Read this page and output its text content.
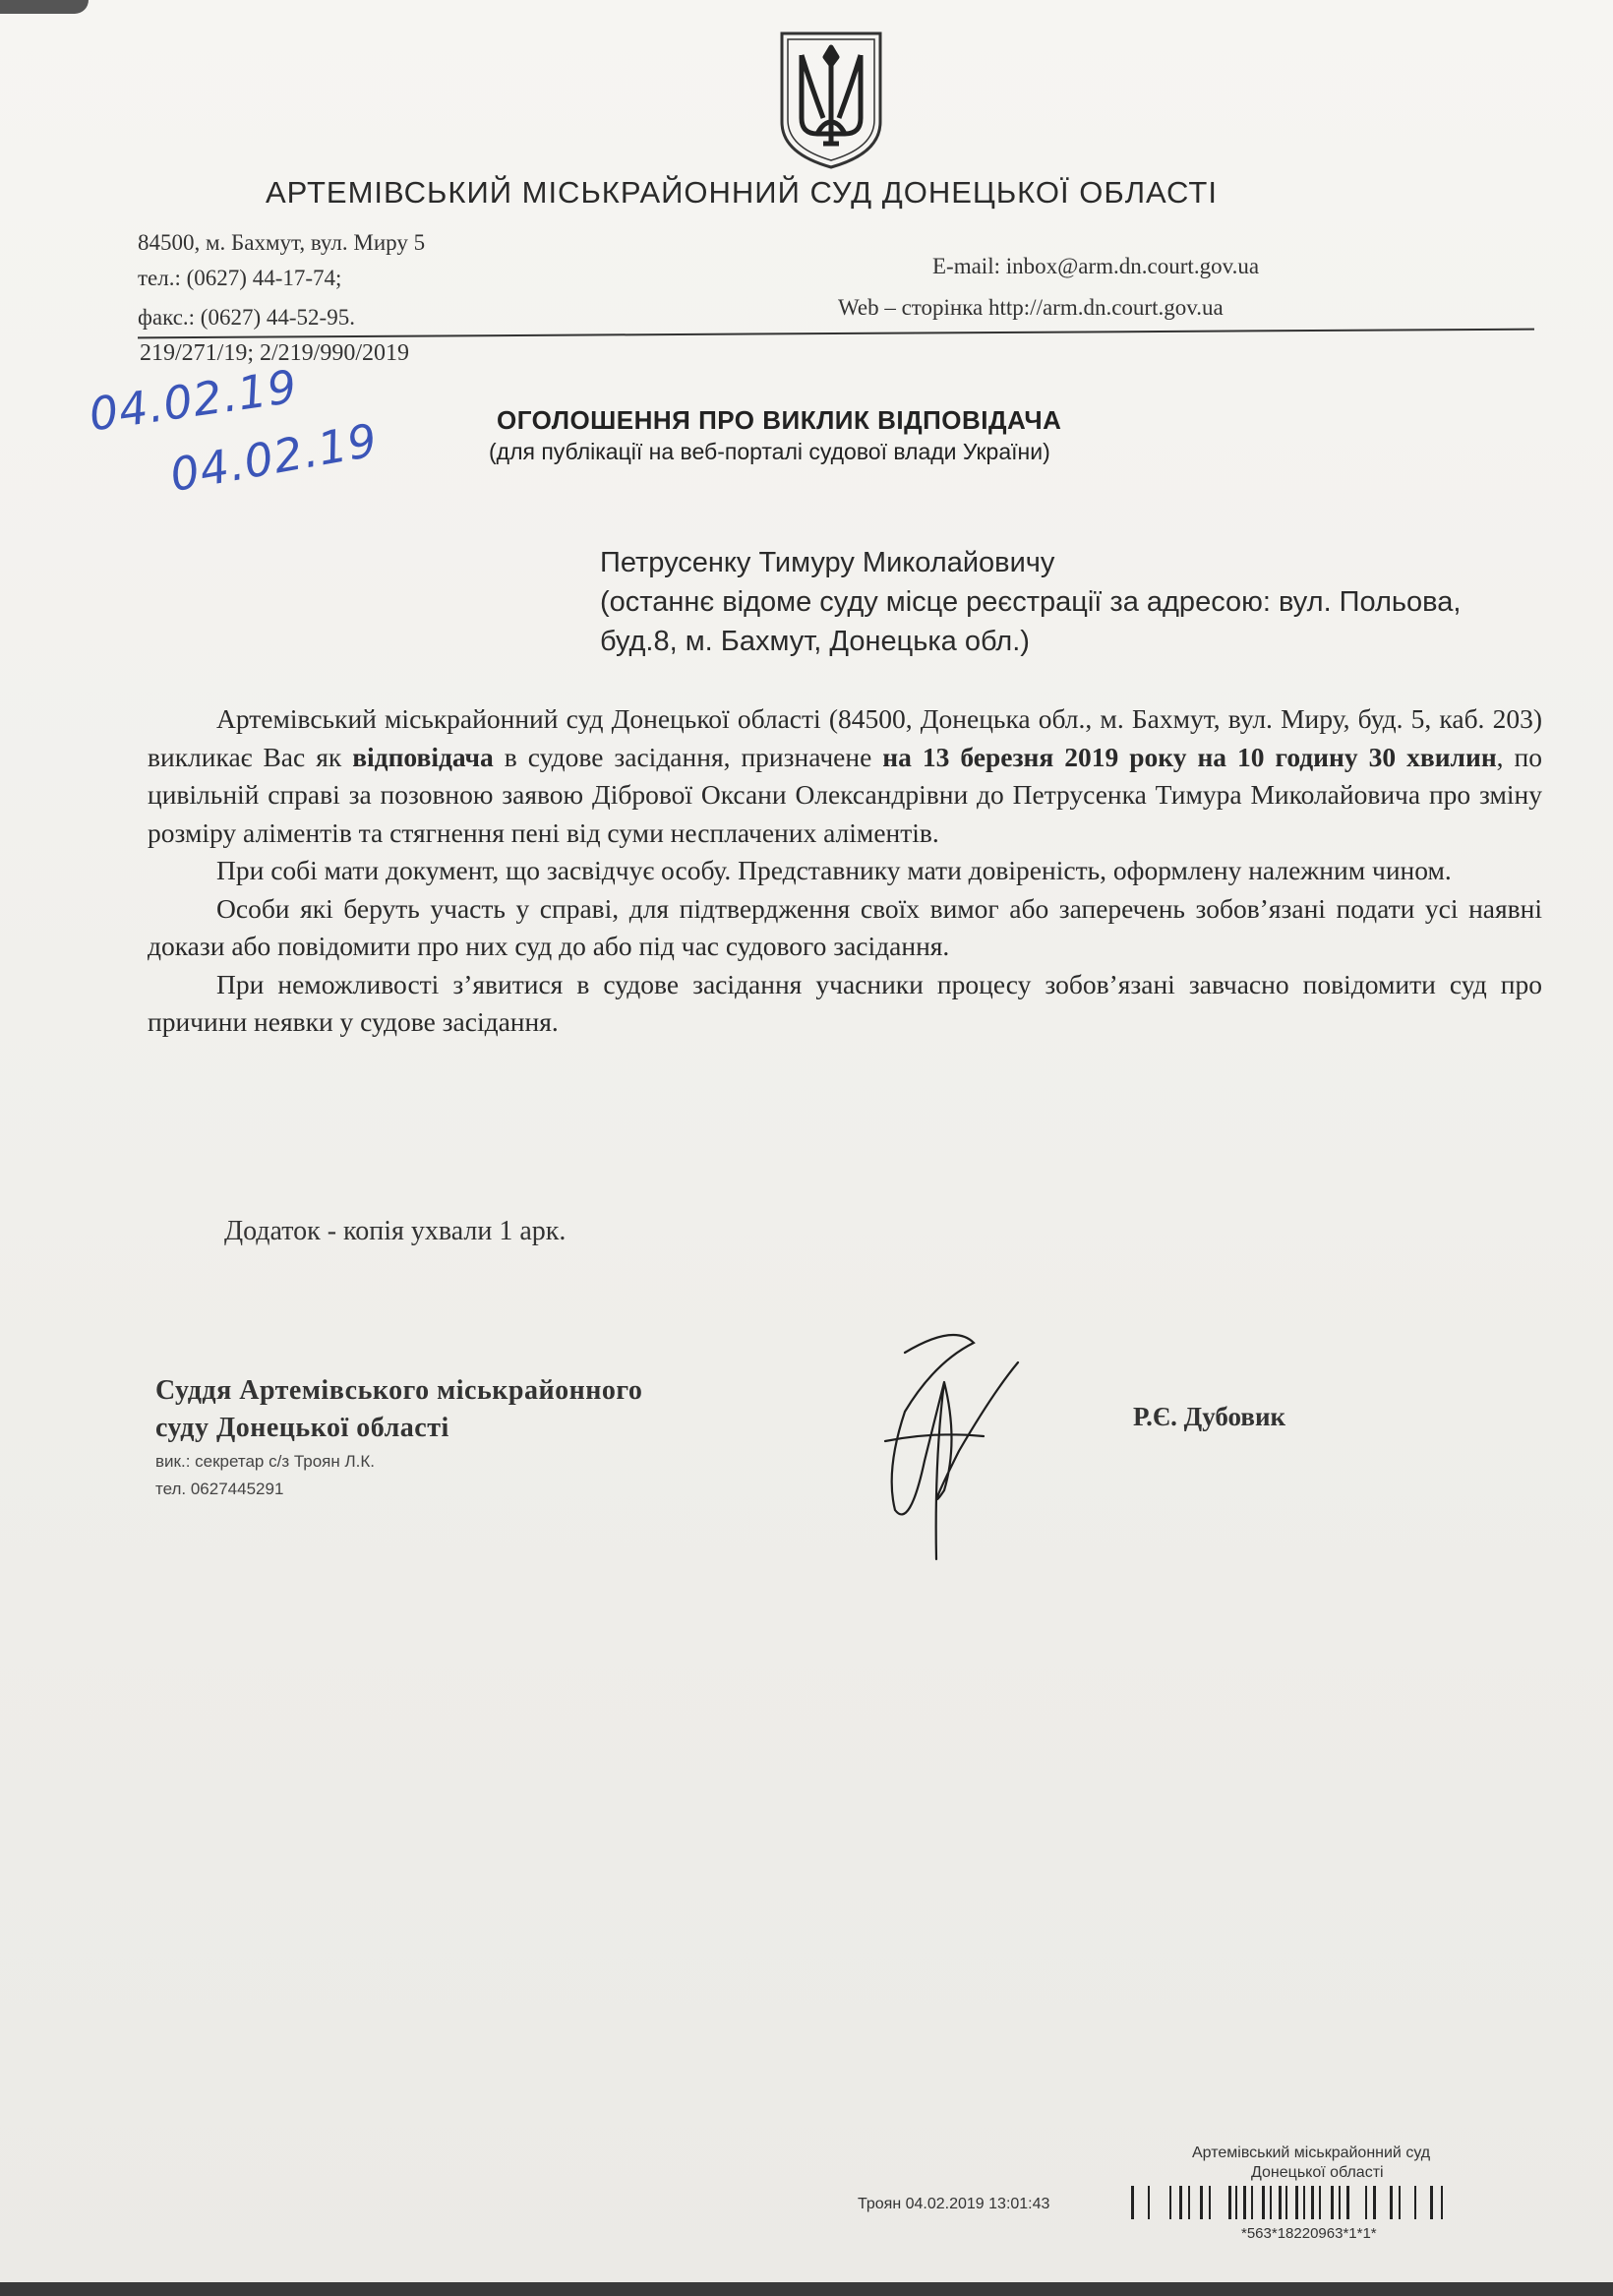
АРТЕМІВСЬКИЙ МІСЬКРАЙОННИЙ СУД ДОНЕЦЬКОЇ ОБЛАСТІ
84500, м. Бахмут, вул. Миру 5
тел.: (0627) 44-17-74;
факс.: (0627) 44-52-95.
E-mail: inbox@arm.dn.court.gov.ua
Web – сторінка http://arm.dn.court.gov.ua
219/271/19; 2/219/990/2019
04.02.19
04.02.19	ОГОЛОШЕННЯ ПРО ВИКЛИК ВІДПОВІДАЧА
(для публікації на веб-порталі судової влади України)
Петрусенку Тимуру Миколайовичу
(останнє відоме суду місце реєстрації за адресою: вул. Польова,
буд.8, м. Бахмут, Донецька обл.)

Артемівський міськрайонний суд Донецької області (84500, Донецька обл., м. Бахмут, вул. Миру, буд. 5, каб. 203) викликає Вас як відповідача в судове засідання, призначене на 13 березня 2019 року на 10 годину 30 хвилин, по цивільній справі за позовною заявою Дібрової Оксани Олександрівни до Петрусенка Тимура Миколайовича про зміну розміру аліментів та стягнення пені від суми несплачених аліментів.

При собі мати документ, що засвідчує особу. Представнику мати довіреність, оформлену належним чином.

Особи які беруть участь у справі, для підтвердження своїх вимог або заперечень зобов’язані подати усі наявні докази або повідомити про них суд до або під час судового засідання.

При неможливості з’явитися в судове засідання учасники процесу зобов’язані завчасно повідомити суд про причини неявки у судове засідання.

Додаток - копія ухвали 1 арк.
Суддя Артемівського міськрайонного
суду Донецької області
вик.: секретар с/з Троян Л.К.
тел. 0627445291
Р.Є. Дубовик
Артемівський міськрайонний суд
Донецької області
Троян 04.02.2019 13:01:43
*563*18220963*1*1*
